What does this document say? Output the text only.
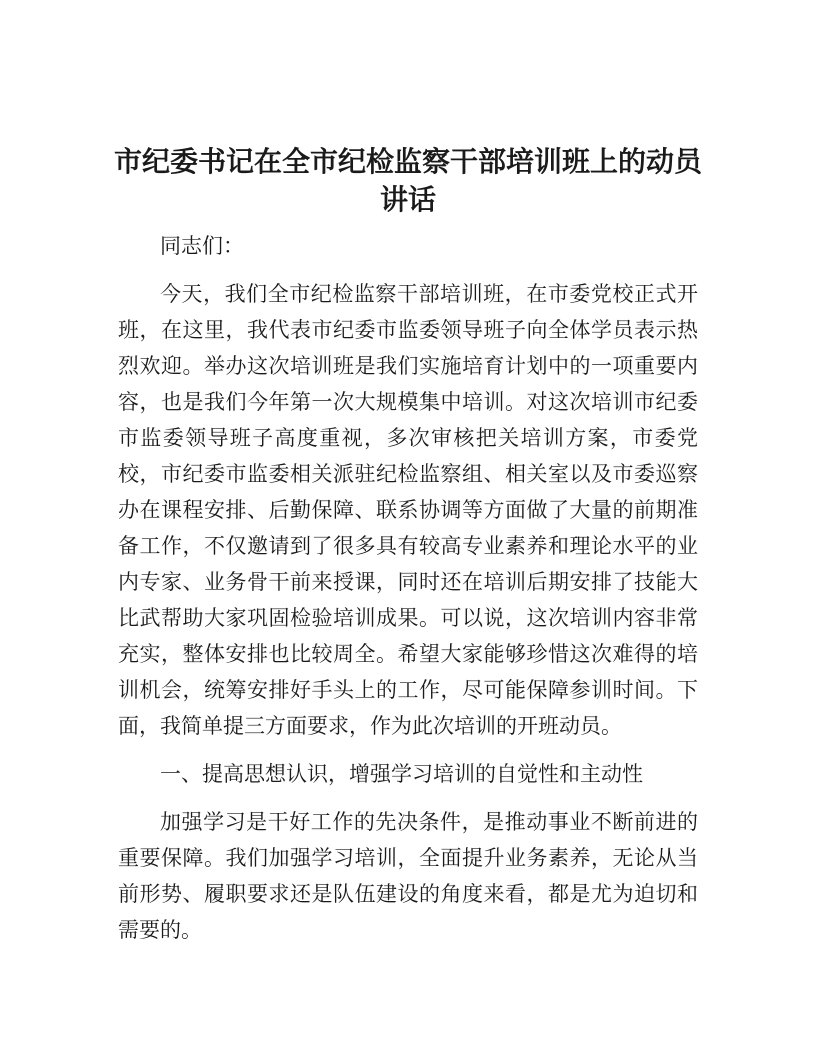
市纪委书记在全市纪检监察干部培训班上的动员讲话

同志们：

今天，我们全市纪检监察干部培训班，在市委党校正式开班，在这里，我代表市纪委市监委领导班子向全体学员表示热烈欢迎。举办这次培训班是我们实施培育计划中的一项重要内容，也是我们今年第一次大规模集中培训。对这次培训市纪委市监委领导班子高度重视，多次审核把关培训方案，市委党校，市纪委市监委相关派驻纪检监察组、相关室以及市委巡察办在课程安排、后勤保障、联系协调等方面做了大量的前期准备工作，不仅邀请到了很多具有较高专业素养和理论水平的业内专家、业务骨干前来授课，同时还在培训后期安排了技能大比武帮助大家巩固检验培训成果。可以说，这次培训内容非常充实，整体安排也比较周全。希望大家能够珍惜这次难得的培训机会，统筹安排好手头上的工作，尽可能保障参训时间。下面，我简单提三方面要求，作为此次培训的开班动员。

一、提高思想认识，增强学习培训的自觉性和主动性

加强学习是干好工作的先决条件，是推动事业不断前进的重要保障。我们加强学习培训，全面提升业务素养，无论从当前形势、履职要求还是队伍建设的角度来看，都是尤为迫切和需要的。
